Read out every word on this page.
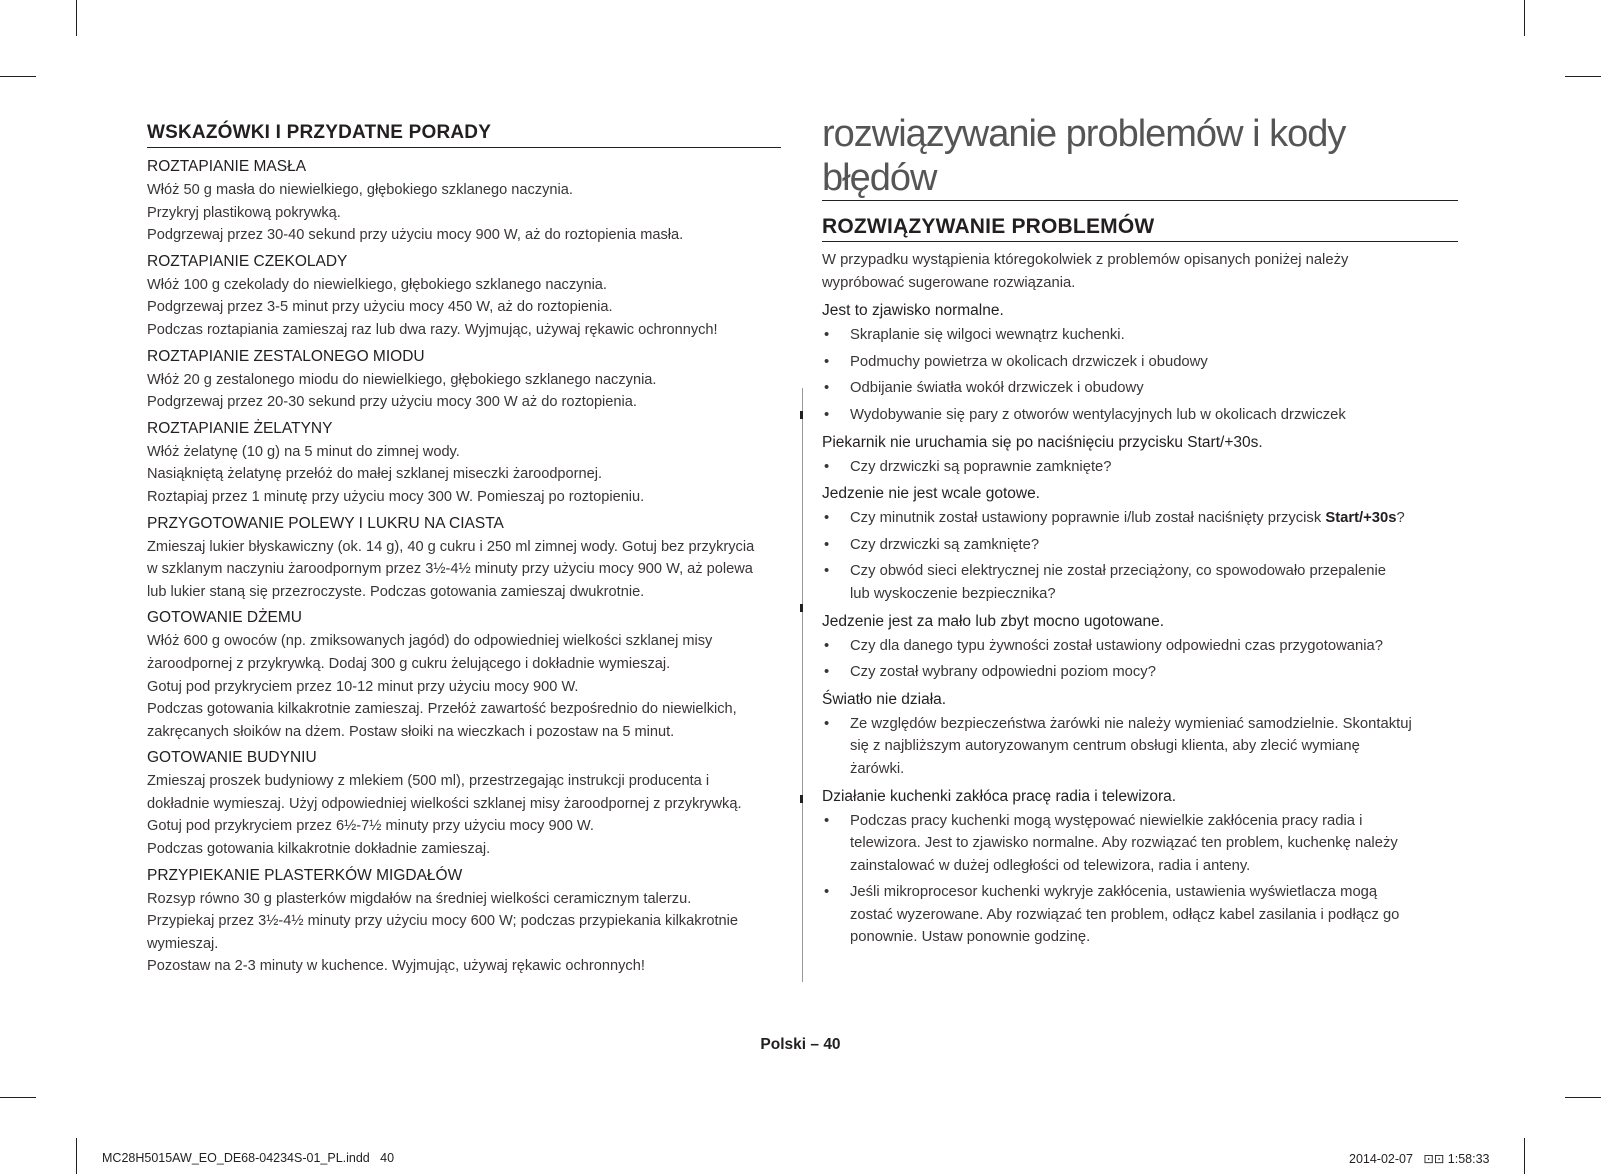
WSKAZÓWKI I PRZYDATNE PORADY
ROZTAPIANIE MASŁA
Włóż 50 g masła do niewielkiego, głębokiego szklanego naczynia.
Przykryj plastikową pokrywką.
Podgrzewaj przez 30-40 sekund przy użyciu mocy 900 W, aż do roztopienia masła.
ROZTAPIANIE CZEKOLADY
Włóż 100 g czekolady do niewielkiego, głębokiego szklanego naczynia.
Podgrzewaj przez 3-5 minut przy użyciu mocy 450 W, aż do roztopienia.
Podczas roztapiania zamieszaj raz lub dwa razy. Wyjmując, używaj rękawic ochronnych!
ROZTAPIANIE ZESTALONEGO MIODU
Włóż 20 g zestalonego miodu do niewielkiego, głębokiego szklanego naczynia.
Podgrzewaj przez 20-30 sekund przy użyciu mocy 300 W aż do roztopienia.
ROZTAPIANIE ŻELATYNY
Włóż żelatynę (10 g) na 5 minut do zimnej wody.
Nasiąkniętą żelatynę przełóż do małej szklanej miseczki żaroodpornej.
Roztapiaj przez 1 minutę przy użyciu mocy 300 W. Pomieszaj po roztopieniu.
PRZYGOTOWANIE POLEWY I LUKRU NA CIASTA
Zmieszaj lukier błyskawiczny (ok. 14 g), 40 g cukru i 250 ml zimnej wody. Gotuj bez przykrycia
w szklanym naczyniu żaroodpornym przez 3½-4½ minuty przy użyciu mocy 900 W, aż polewa
lub lukier staną się przezroczyste. Podczas gotowania zamieszaj dwukrotnie.
GOTOWANIE DŻEMU
Włóż 600 g owoców (np. zmiksowanych jagód) do odpowiedniej wielkości szklanej misy
żaroodpornej z przykrywką. Dodaj 300 g cukru żelującego i dokładnie wymieszaj.
Gotuj pod przykryciem przez 10-12 minut przy użyciu mocy 900 W.
Podczas gotowania kilkakrotnie zamieszaj. Przełóż zawartość bezpośrednio do niewielkich,
zakręcanych słoików na dżem. Postaw słoiki na wieczkach i pozostaw na 5 minut.
GOTOWANIE BUDYNIU
Zmieszaj proszek budyniowy z mlekiem (500 ml), przestrzegając instrukcji producenta i
dokładnie wymieszaj. Użyj odpowiedniej wielkości szklanej misy żaroodpornej z przykrywką.
Gotuj pod przykryciem przez 6½-7½ minuty przy użyciu mocy 900 W.
Podczas gotowania kilkakrotnie dokładnie zamieszaj.
PRZYPIEKANIE PLASTERKÓW MIGDAŁÓW
Rozsyp równo 30 g plasterków migdałów na średniej wielkości ceramicznym talerzu.
Przypiekaj przez 3½-4½ minuty przy użyciu mocy 600 W; podczas przypiekania kilkakrotnie
wymieszaj.
Pozostaw na 2-3 minuty w kuchence. Wyjmując, używaj rękawic ochronnych!
rozwiązywanie problemów i kody błędów
ROZWIĄZYWANIE PROBLEMÓW
W przypadku wystąpienia któregokolwiek z problemów opisanych poniżej należy
wypróbować sugerowane rozwiązania.
Jest to zjawisko normalne.
•	Skraplanie się wilgoci wewnątrz kuchenki.
•	Podmuchy powietrza w okolicach drzwiczek i obudowy
•	Odbijanie światła wokół drzwiczek i obudowy
•	Wydobywanie się pary z otworów wentylacyjnych lub w okolicach drzwiczek
Piekarnik nie uruchamia się po naciśnięciu przycisku Start/+30s.
•	Czy drzwiczki są poprawnie zamknięte?
Jedzenie nie jest wcale gotowe.
•	Czy minutnik został ustawiony poprawnie i/lub został naciśnięty przycisk Start/+30s?
•	Czy drzwiczki są zamknięte?
•	Czy obwód sieci elektrycznej nie został przeciążony, co spowodowało przepalenie
lub wyskoczenie bezpiecznika?
Jedzenie jest za mało lub zbyt mocno ugotowane.
•	Czy dla danego typu żywności został ustawiony odpowiedni czas przygotowania?
•	Czy został wybrany odpowiedni poziom mocy?
Światło nie działa.
•	Ze względów bezpieczeństwa żarówki nie należy wymieniać samodzielnie. Skontaktuj
się z najbliższym autoryzowanym centrum obsługi klienta, aby zlecić wymianę
żarówki.
Działanie kuchenki zakłóca pracę radia i telewizora.
•	Podczas pracy kuchenki mogą występować niewielkie zakłócenia pracy radia i
telewizora. Jest to zjawisko normalne. Aby rozwiązać ten problem, kuchenkę należy
zainstalować w dużej odległości od telewizora, radia i anteny.
•	Jeśli mikroprocesor kuchenki wykryje zakłócenia, ustawienia wyświetlacza mogą
zostać wyzerowane. Aby rozwiązać ten problem, odłącz kabel zasilania i podłącz go
ponownie. Ustaw ponownie godzinę.
Polski – 40
MC28H5015AW_EO_DE68-04234S-01_PL.indd   40	2014-02-07   ⊡⊡ 1:58:33
